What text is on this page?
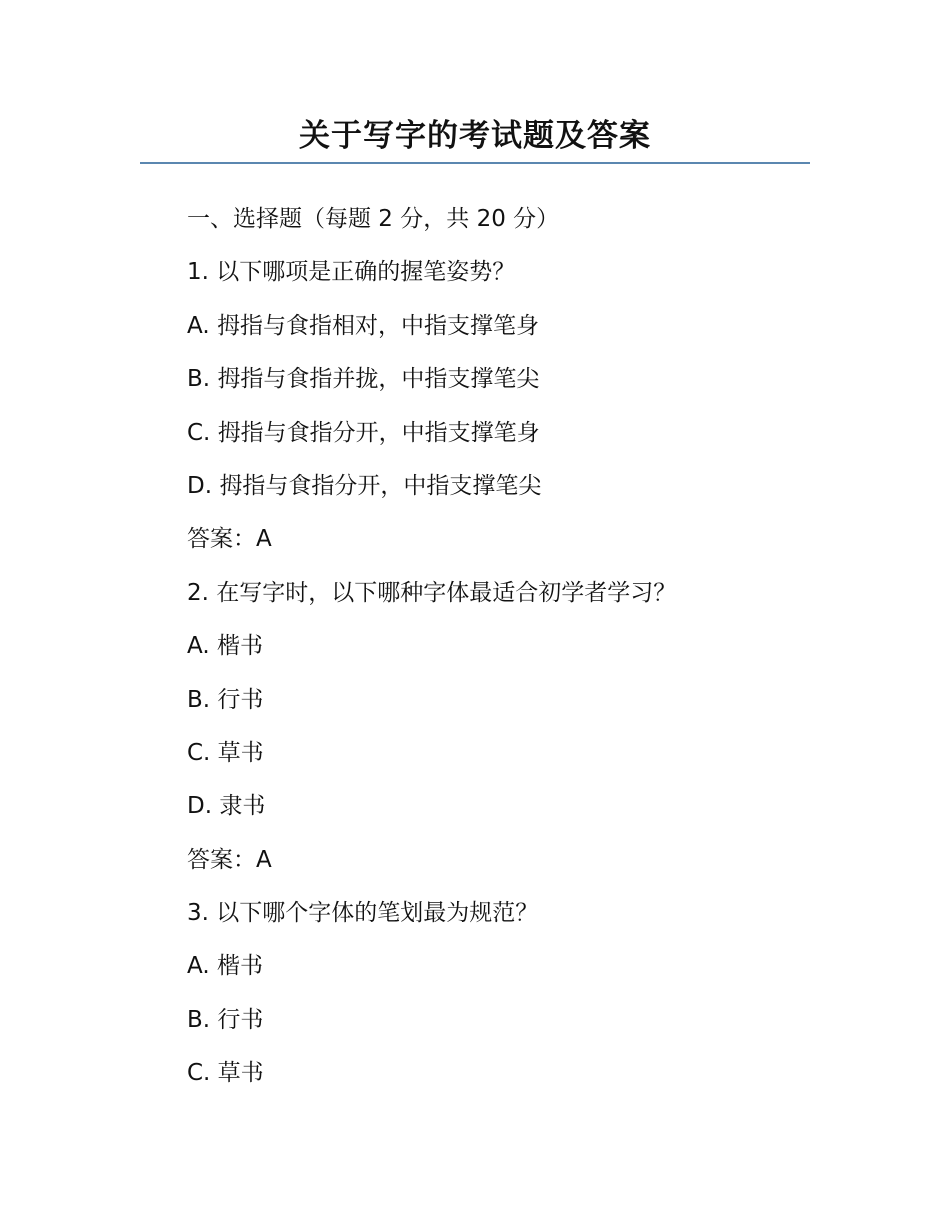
关于写字的考试题及答案

一、选择题（每题 2 分，共 20 分）

1. 以下哪项是正确的握笔姿势？

A. 拇指与食指相对，中指支撑笔身

B. 拇指与食指并拢，中指支撑笔尖

C. 拇指与食指分开，中指支撑笔身

D. 拇指与食指分开，中指支撑笔尖

答案：A

2. 在写字时，以下哪种字体最适合初学者学习？

A. 楷书

B. 行书

C. 草书

D. 隶书

答案：A

3. 以下哪个字体的笔划最为规范？

A. 楷书

B. 行书

C. 草书
